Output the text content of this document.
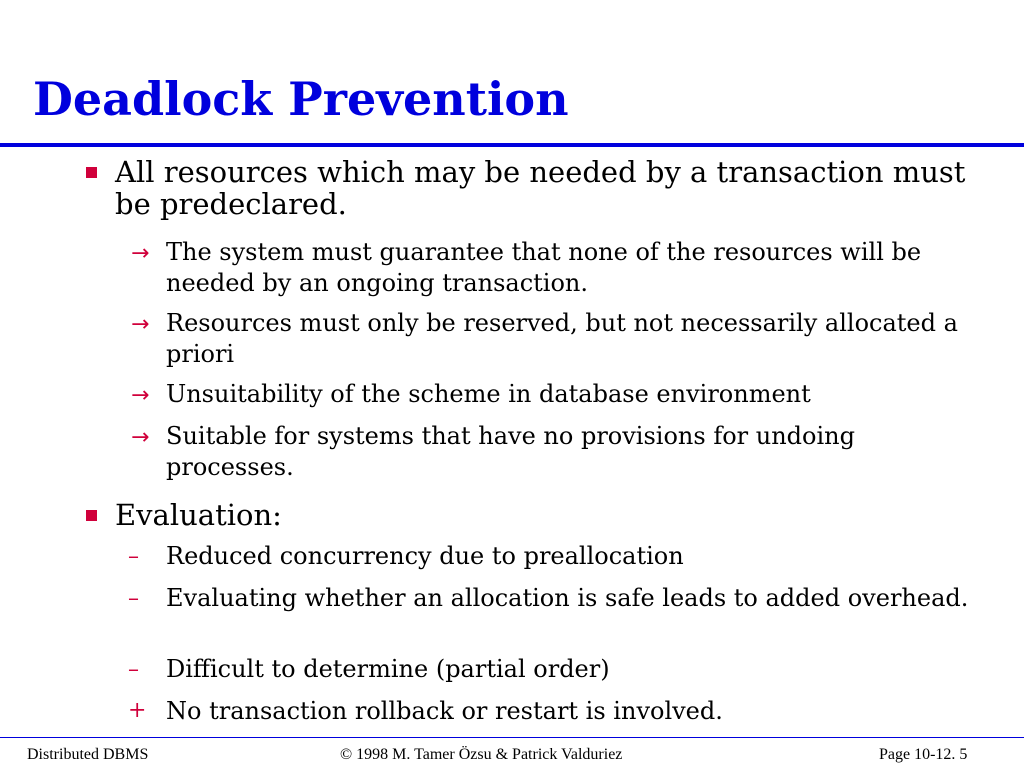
Deadlock Prevention

All resources which may be needed by a transaction must be predeclared.

→ The system must guarantee that none of the resources will be needed by an ongoing transaction.

→ Resources must only be reserved, but not necessarily allocated a priori

→ Unsuitability of the scheme in database environment

→ Suitable for systems that have no provisions for undoing processes.

Evaluation:

– Reduced concurrency due to preallocation

– Evaluating whether an allocation is safe leads to added overhead.

– Difficult to determine (partial order)

+ No transaction rollback or restart is involved.

Distributed DBMS	© 1998 M. Tamer Özsu & Patrick Valduriez	Page 10-12. 5
